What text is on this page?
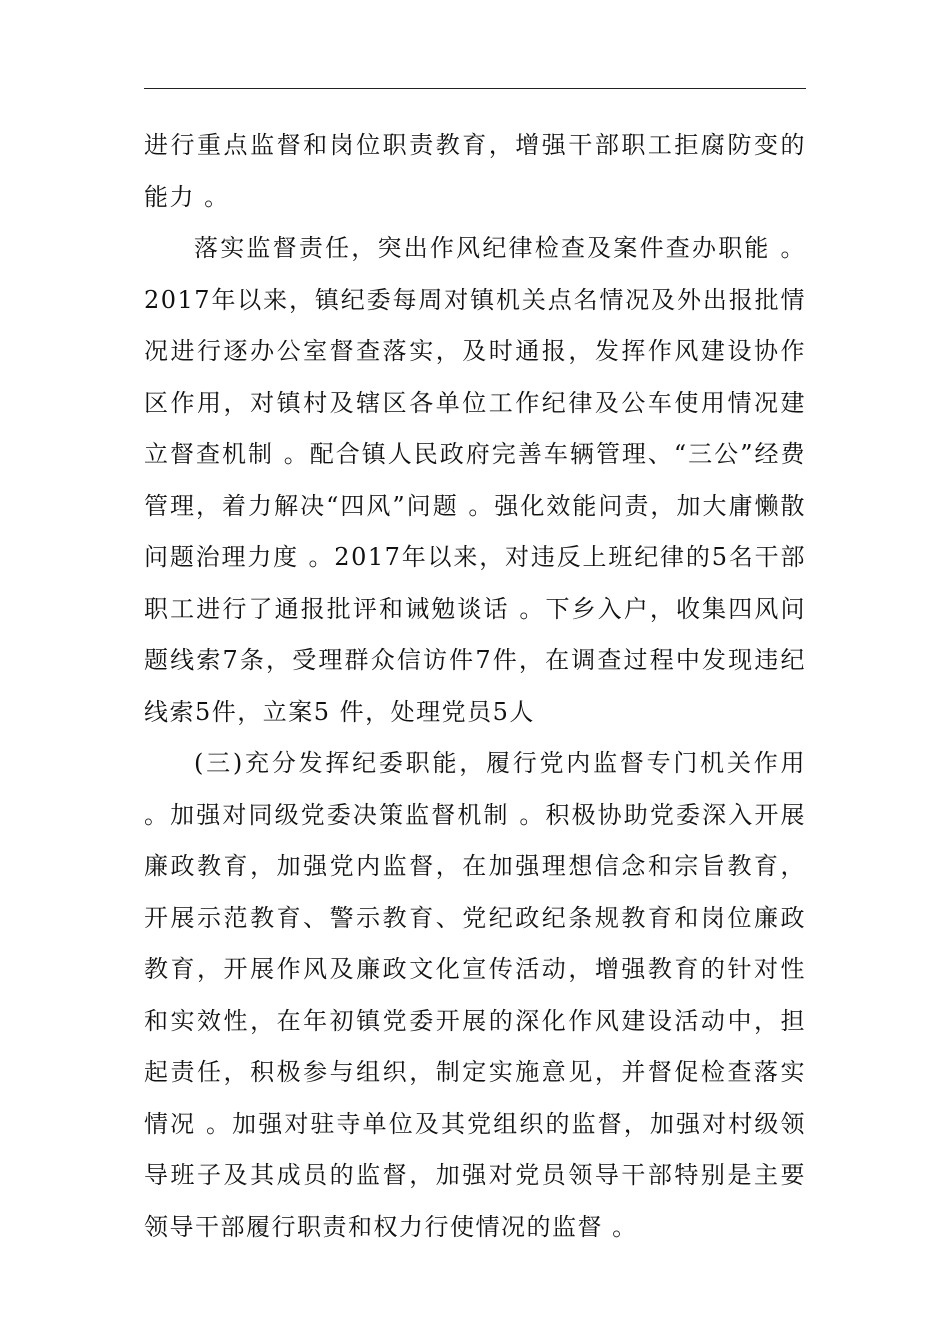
进行重点监督和岗位职责教育，增强干部职工拒腐防变的能力 。

落实监督责任，突出作风纪律检查及案件查办职能 。2017年以来，镇纪委每周对镇机关点名情况及外出报批情况进行逐办公室督查落实，及时通报，发挥作风建设协作区作用，对镇村及辖区各单位工作纪律及公车使用情况建立督查机制 。配合镇人民政府完善车辆管理、“三公”经费管理，着力解决“四风”问题 。强化效能问责，加大庸懒散问题治理力度 。2017年以来，对违反上班纪律的5名干部职工进行了通报批评和诫勉谈话 。下乡入户，收集四风问题线索7条，受理群众信访件7件，在调查过程中发现违纪线索5件，立案5 件，处理党员5人

(三)充分发挥纪委职能，履行党内监督专门机关作用 。加强对同级党委决策监督机制 。积极协助党委深入开展廉政教育，加强党内监督，在加强理想信念和宗旨教育，开展示范教育、警示教育、党纪政纪条规教育和岗位廉政教育，开展作风及廉政文化宣传活动，增强教育的针对性和实效性，在年初镇党委开展的深化作风建设活动中，担起责任，积极参与组织，制定实施意见，并督促检查落实情况 。加强对驻寺单位及其党组织的监督，加强对村级领导班子及其成员的监督，加强对党员领导干部特别是主要领导干部履行职责和权力行使情况的监督 。
